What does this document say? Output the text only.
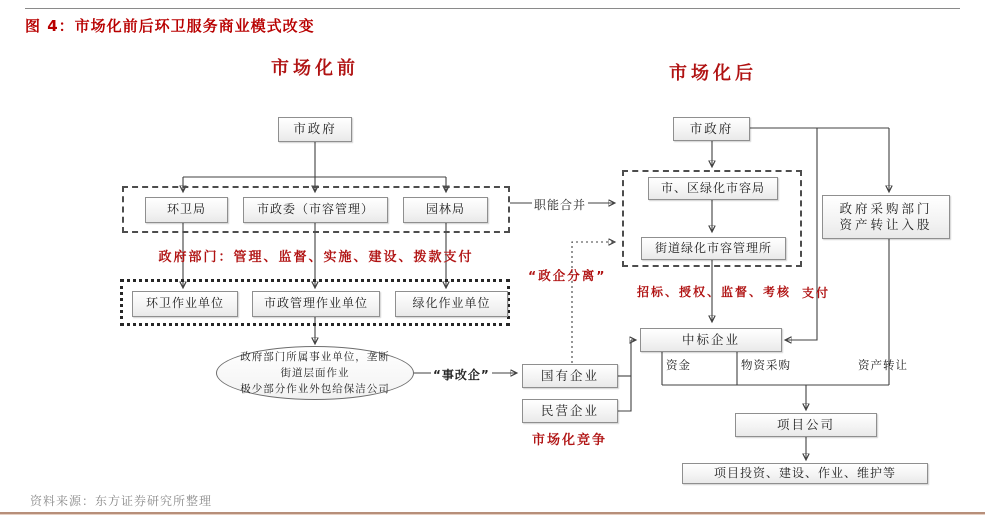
图 4：市场化前后环卫服务商业模式改变
市场化前	市场化后
市政府
环卫局	市政委（市容管理）	园林局
政府部门：管理、监督、实施、建设、拨款支付
环卫作业单位	市政管理作业单位	绿化作业单位
政府部门所属事业单位，垄断
街道层面作业
极少部分作业外包给保洁公司
“事改企”	国有企业
民营企业
市场化竞争
职能合并
“政企分离”
市政府
市、区绿化市容局
街道绿化市容管理所
政府采购部门
资产转让入股
招标、授权、监督、考核 支付
中标企业
资金	物资采购	资产转让
项目公司
项目投资、建设、作业、维护等
资料来源：东方证券研究所整理
